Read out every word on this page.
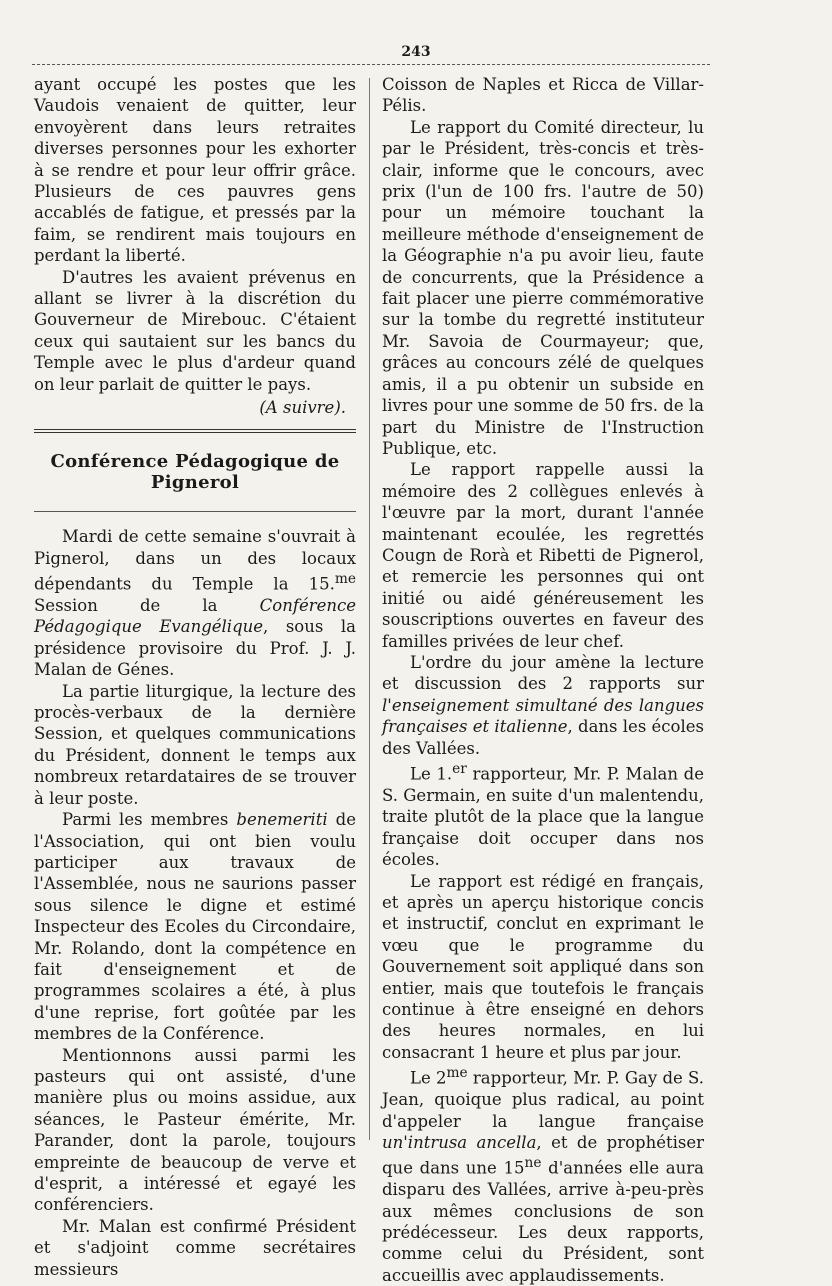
243

ayant occupé les postes que les Vaudois venaient de quitter, leur envoyèrent dans leurs retraites diverses personnes pour les exhorter à se rendre et pour leur offrir grâce. Plusieurs de ces pauvres gens accablés de fatigue, et pressés par la faim, se rendirent mais toujours en perdant la liberté.

D'autres les avaient prévenus en allant se livrer à la discrétion du Gouverneur de Mirebouc. C'étaient ceux qui sautaient sur les bancs du Temple avec le plus d'ardeur quand on leur parlait de quitter le pays.

(A suivre).
Conférence Pédagogique de Pignerol

Mardi de cette semaine s'ouvrait à Pignerol, dans un des locaux dépendants du Temple la 15.$^{me}$ Session de la Conférence Pédagogique Evangélique, sous la présidence provisoire du Prof. J. J. Malan de Génes.

La partie liturgique, la lecture des procès-verbaux de la dernière Session, et quelques communications du Président, donnent le temps aux nombreux retardataires de se trouver à leur poste.

Parmi les membres benemeriti de l'Association, qui ont bien voulu participer aux travaux de l'Assemblée, nous ne saurions passer sous silence le digne et estimé Inspecteur des Ecoles du Circondaire, Mr. Rolando, dont la compétence en fait d'enseignement et de programmes scolaires a été, à plus d'une reprise, fort goûtée par les membres de la Conférence.

Mentionnons aussi parmi les pasteurs qui ont assisté, d'une manière plus ou moins assidue, aux séances, le Pasteur émérite, Mr. Parander, dont la parole, toujours empreinte de beaucoup de verve et d'esprit, a intéressé et egayé les conférenciers.

Mr. Malan est confirmé Président et s'adjoint comme secrétaires messieurs

Coisson de Naples et Ricca de Villar-Pélis.

Le rapport du Comité directeur, lu par le Président, très-concis et très-clair, informe que le concours, avec prix (l'un de 100 frs. l'autre de 50) pour un mémoire touchant la meilleure méthode d'enseignement de la Géographie n'a pu avoir lieu, faute de concurrents, que la Présidence a fait placer une pierre commémorative sur la tombe du regretté instituteur Mr. Savoia de Courmayeur; que, grâces au concours zélé de quelques amis, il a pu obtenir un subside en livres pour une somme de 50 frs. de la part du Ministre de l'Instruction Publique, etc.

Le rapport rappelle aussi la mémoire des 2 collègues enlevés à l'œuvre par la mort, durant l'année maintenant ecoulée, les regrettés Cougn de Rorà et Ribetti de Pignerol, et remercie les personnes qui ont initié ou aidé généreusement les souscriptions ouvertes en faveur des familles privées de leur chef.

L'ordre du jour amène la lecture et discussion des 2 rapports sur l'enseignement simultané des langues françaises et italienne, dans les écoles des Vallées.

Le 1.$^{er}$ rapporteur, Mr. P. Malan de S. Germain, en suite d'un malentendu, traite plutôt de la place que la langue française doit occuper dans nos écoles.

Le rapport est rédigé en français, et après un aperçu historique concis et instructif, conclut en exprimant le vœu que le programme du Gouvernement soit appliqué dans son entier, mais que toutefois le français continue à être enseigné en dehors des heures normales, en lui consacrant 1 heure et plus par jour.

Le $2^{me}$ rapporteur, Mr. P. Gay de S. Jean, quoique plus radical, au point d'appeler la langue française un'intrusa ancella, et de prophétiser que dans une $15^{ne}$ d'années elle aura disparu des Vallées, arrive à-peu-près aux mêmes conclusions de son prédécesseur. Les deux rapports, comme celui du Président, sont accueillis avec applaudissements.
